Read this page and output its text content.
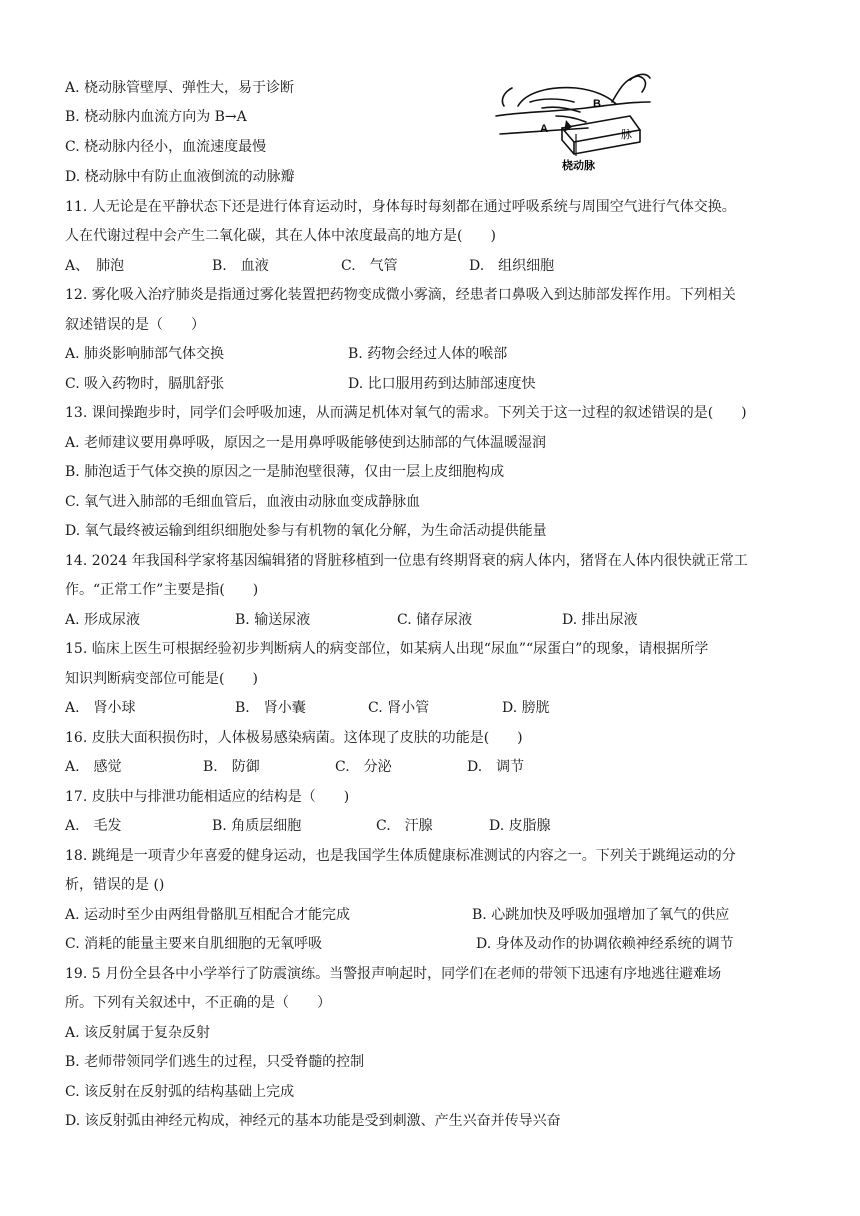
A. 桡动脉管壁厚、弹性大，易于诊断
B. 桡动脉内血流方向为 B→A
C. 桡动脉内径小，血流速度最慢
D. 桡动脉中有防止血液倒流的动脉瓣
A
B
脉
桡动脉
11. 人无论是在平静状态下还是进行体育运动时，身体每时每刻都在通过呼吸系统与周围空气进行气体交换。
人在代谢过程中会产生二氧化碳，其在人体中浓度最高的地方是(　　)
A、　肺泡	B.　血液	C.　气管	D.　组织细胞
12. 雾化吸入治疗肺炎是指通过雾化装置把药物变成微小雾滴，经患者口鼻吸入到达肺部发挥作用。下列相关
叙述错误的是（　　）
A. 肺炎影响肺部气体交换	B. 药物会经过人体的喉部
C. 吸入药物时，膈肌舒张	D. 比口服用药到达肺部速度快
13. 课间操跑步时，同学们会呼吸加速，从而满足机体对氧气的需求。下列关于这一过程的叙述错误的是(　　)
A. 老师建议要用鼻呼吸，原因之一是用鼻呼吸能够使到达肺部的气体温暖湿润
B. 肺泡适于气体交换的原因之一是肺泡壁很薄，仅由一层上皮细胞构成
C. 氧气进入肺部的毛细血管后，血液由动脉血变成静脉血
D. 氧气最终被运输到组织细胞处参与有机物的氧化分解，为生命活动提供能量
14. 2024 年我国科学家将基因编辑猪的肾脏移植到一位患有终期肾衰的病人体内，猪肾在人体内很快就正常工
作。“正常工作”主要是指(　　)
A. 形成尿液	B. 输送尿液	C. 储存尿液	D. 排出尿液
15. 临床上医生可根据经验初步判断病人的病变部位，如某病人出现“尿血”“尿蛋白”的现象，请根据所学
知识判断病变部位可能是(　　)
A.　肾小球	B.　肾小囊	C. 肾小管	D. 膀胱
16. 皮肤大面积损伤时，人体极易感染病菌。这体现了皮肤的功能是(　　)
A.　感觉	B.　防御	C.　分泌	D.　调节
17. 皮肤中与排泄功能相适应的结构是（　　)
A.　毛发	B. 角质层细胞	C.　汗腺	D. 皮脂腺
18. 跳绳是一项青少年喜爱的健身运动，也是我国学生体质健康标准测试的内容之一。下列关于跳绳运动的分
析，错误的是 ()
A. 运动时至少由两组骨骼肌互相配合才能完成	B. 心跳加快及呼吸加强增加了氧气的供应
C. 消耗的能量主要来自肌细胞的无氧呼吸	D. 身体及动作的协调依赖神经系统的调节
19. 5 月份全县各中小学举行了防震演练。当警报声响起时，同学们在老师的带领下迅速有序地逃往避难场
所。下列有关叙述中，不正确的是（　　）
A. 该反射属于复杂反射
B. 老师带领同学们逃生的过程，只受脊髓的控制
C. 该反射在反射弧的结构基础上完成
D. 该反射弧由神经元构成，神经元的基本功能是受到刺激、产生兴奋并传导兴奋
